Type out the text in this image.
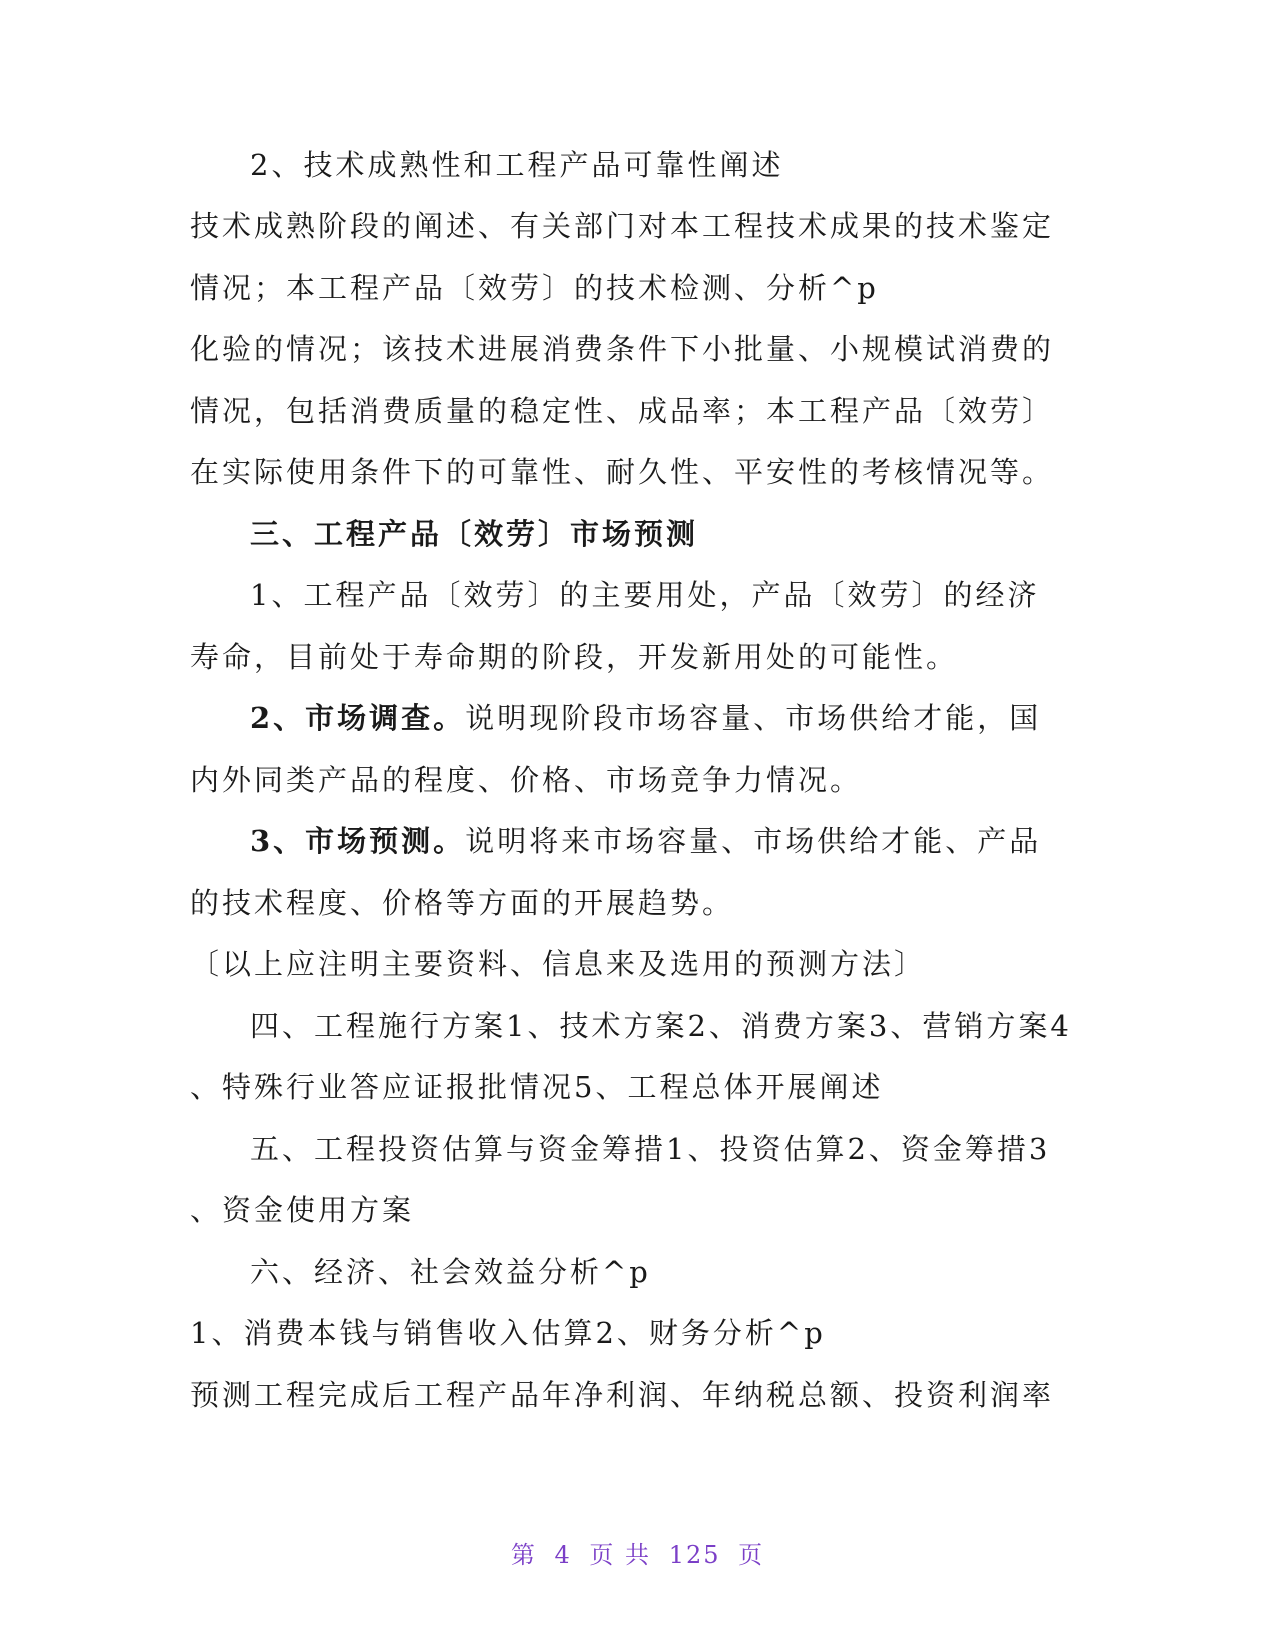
2、技术成熟性和工程产品可靠性阐述
技术成熟阶段的阐述、有关部门对本工程技术成果的技术鉴定
情况；本工程产品〔效劳〕的技术检测、分析^p
化验的情况；该技术进展消费条件下小批量、小规模试消费的
情况，包括消费质量的稳定性、成品率；本工程产品〔效劳〕
在实际使用条件下的可靠性、耐久性、平安性的考核情况等。
三、工程产品〔效劳〕市场预测
1、工程产品〔效劳〕的主要用处，产品〔效劳〕的经济
寿命，目前处于寿命期的阶段，开发新用处的可能性。
2、市场调查。说明现阶段市场容量、市场供给才能，国
内外同类产品的程度、价格、市场竞争力情况。
3、市场预测。说明将来市场容量、市场供给才能、产品
的技术程度、价格等方面的开展趋势。
〔以上应注明主要资料、信息来及选用的预测方法〕
四、工程施行方案1、技术方案2、消费方案3、营销方案4
、特殊行业答应证报批情况5、工程总体开展阐述
五、工程投资估算与资金筹措1、投资估算2、资金筹措3
、资金使用方案
六、经济、社会效益分析^p
1、消费本钱与销售收入估算2、财务分析^p
预测工程完成后工程产品年净利润、年纳税总额、投资利润率
第 4 页 共 125 页
